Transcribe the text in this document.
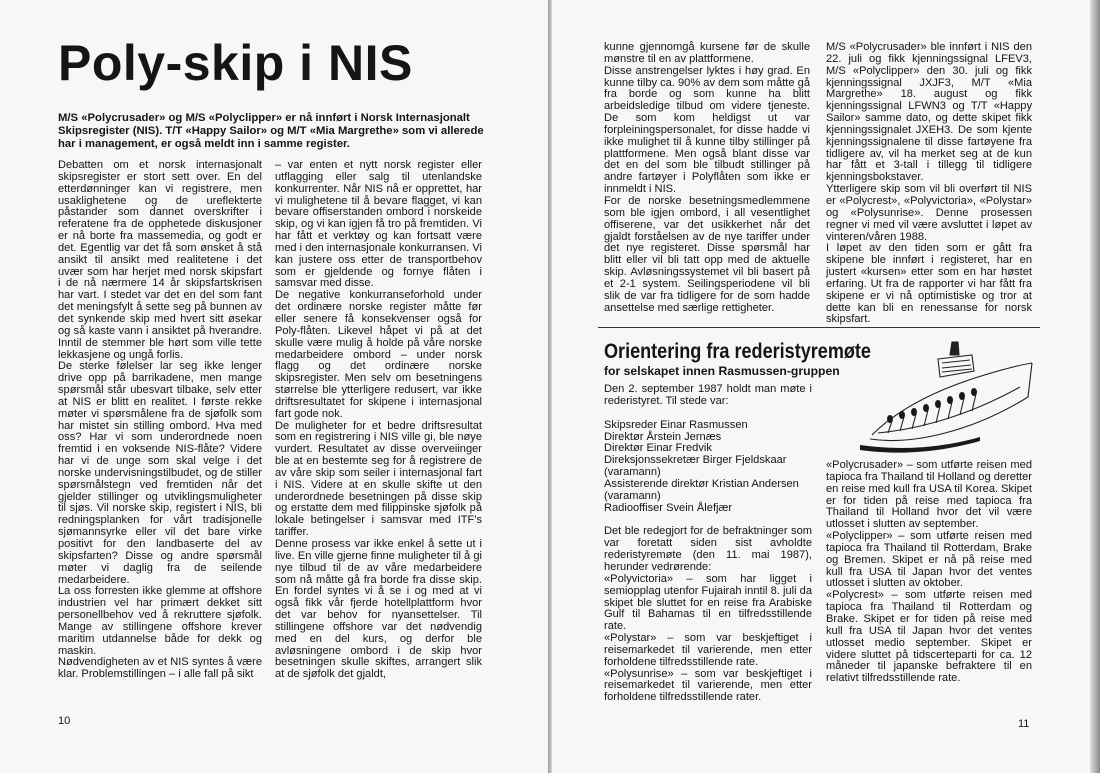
Poly-skip i NIS
M/S «Polycrusader» og M/S «Polyclipper» er nå innført i Norsk Internasjonalt Skipsregister (NIS). T/T «Happy Sailor» og M/T «Mia Margrethe» som vi allerede har i management, er også meldt inn i samme register.

Debatten om et norsk internasjonalt skipsregister er stort sett over. En del etterdønninger kan vi registrere, men usaklighetene og de ureflekterte påstander som dannet overskrifter i referatene fra de opphetede diskusjoner er nå borte fra massemedia, og godt er det. Egentlig var det få som ønsket å stå ansikt til ansikt med realitetene i det uvær som har herjet med norsk skipsfart i de nå nærmere 14 år skipsfartskrisen har vart. I stedet var det en del som fant det meningsfylt å sette seg på bunnen av det synkende skip med hvert sitt øsekar og så kaste vann i ansiktet på hverandre. Inntil de stemmer ble hørt som ville tette lekkasjene og ungå forlis.

De sterke følelser lar seg ikke lenger drive opp på barrikadene, men mange spørsmål står ubesvart tilbake, selv etter at NIS er blitt en realitet. I første rekke møter vi spørsmålene fra de sjøfolk som har mistet sin stilling ombord. Hva med oss? Har vi som underordnede noen fremtid i en voksende NIS-flåte? Videre har vi de unge som skal velge i det norske undervisningstilbudet, og de stiller spørsmålstegn ved fremtiden når det gjelder stillinger og utviklingsmuligheter til sjøs. Vil norske skip, registert i NIS, bli redningsplanken for vårt tradisjonelle sjømannsyrke eller vil det bare virke positivt for den landbaserte del av skipsfarten? Disse og andre spørsmål møter vi daglig fra de seilende medarbeidere.

La oss forresten ikke glemme at offshore industrien vel har primært dekket sitt personellbehov ved å rekruttere sjøfolk. Mange av stillingene offshore krever maritim utdannelse både for dekk og maskin.

Nødvendigheten av et NIS syntes å være klar. Problemstillingen – i alle fall på sikt

– var enten et nytt norsk register eller utflagging eller salg til utenlandske konkurrenter. Når NIS nå er opprettet, har vi mulighetene til å bevare flagget, vi kan bevare offiserstanden ombord i norskeide skip, og vi kan igjen få tro på fremtiden. Vi har fått et verktøy og kan fortsatt være med i den internasjonale konkurransen. Vi kan justere oss etter de transportbehov som er gjeldende og fornye flåten i samsvar med disse.

De negative konkurranseforhold under det ordinære norske register måtte før eller senere få konsekvenser også for Poly-flåten. Likevel håpet vi på at det skulle være mulig å holde på våre norske medarbeidere ombord – under norsk flagg og det ordinære norske skipsregister. Men selv om besetningens størrelse ble ytterligere redusert, var ikke driftsresultatet for skipene i internasjonal fart gode nok.

De muligheter for et bedre driftsresultat som en registrering i NIS ville gi, ble nøye vurdert. Resultatet av disse overveiinger ble at en bestemte seg for å registrere de av våre skip som seiler i internasjonal fart i NIS. Videre at en skulle skifte ut den underordnede besetningen på disse skip og erstatte dem med filippinske sjøfolk på lokale betingelser i samsvar med ITF's tariffer.

Denne prosess var ikke enkel å sette ut i live. En ville gjerne finne muligheter til å gi nye tilbud til de av våre medarbeidere som nå måtte gå fra borde fra disse skip. En fordel syntes vi å se i og med at vi også fikk vår fjerde hotellplattform hvor det var behov for nyansettelser. Til stillingene offshore var det nødvendig med en del kurs, og derfor ble avløsningene ombord i de skip hvor besetningen skulle skiftes, arrangert slik at de sjøfolk det gjaldt,

10

kunne gjennomgå kursene før de skulle mønstre til en av plattformene.

Disse anstrengelser lyktes i høy grad. En kunne tilby ca. 90% av dem som måtte gå fra borde og som kunne ha blitt arbeidsledige tilbud om videre tjeneste. De som kom heldigst ut var forpleiningspersonalet, for disse hadde vi ikke mulighet til å kunne tilby stillinger på plattformene. Men også blant disse var det en del som ble tilbudt stillinger på andre fartøyer i Polyflåten som ikke er innmeldt i NIS.

For de norske besetningsmedlemmene som ble igjen ombord, i all vesentlighet offiserene, var det usikkerhet når det gjaldt forståelsen av de nye tariffer under det nye registeret. Disse spørsmål har blitt eller vil bli tatt opp med de aktuelle skip. Avløsningssystemet vil bli basert på et 2-1 system. Seilingsperiodene vil bli slik de var fra tidligere for de som hadde ansettelse med særlige rettigheter.

M/S «Polycrusader» ble innført i NIS den 22. juli og fikk kjenningssignal LFEV3, M/S «Polyclipper» den 30. juli og fikk kjenningssignal JXJF3, M/T «Mia Margrethe» 18. august og fikk kjenningssignal LFWN3 og T/T «Happy Sailor» samme dato, og dette skipet fikk kjenningssignalet JXEH3. De som kjente kjenningssignalene til disse fartøyene fra tidligere av, vil ha merket seg at de kun har fått et 3-tall i tillegg til tidligere kjenningsbokstaver.

Ytterligere skip som vil bli overført til NIS er «Polycrest», «Polyvictoria», «Polystar» og «Polysunrise». Denne prosessen regner vi med vil være avsluttet i løpet av vinteren/våren 1988.

I løpet av den tiden som er gått fra skipene ble innført i registeret, har en justert «kursen» etter som en har høstet erfaring. Ut fra de rapporter vi har fått fra skipene er vi nå optimistiske og tror at dette kan bli en renessanse for norsk skipsfart.

Orientering fra rederistyremøte
for selskapet innen Rasmussen-gruppen

Den 2. september 1987 holdt man møte i rederistyret. Til stede var:

Skipsreder Einar Rasmussen

Direktør Årstein Jernæs

Direktør Einar Fredvik

Direksjonssekretær Birger Fjeldskaar (varamann)

Assisterende direktør Kristian Andersen (varamann)

Radiooffiser Svein Ålefjær

Det ble redegjort for de befraktninger som var foretatt siden sist avholdte rederistyremøte (den 11. mai 1987), herunder vedrørende:

«Polyvictoria» – som har ligget i semiopplag utenfor Fujairah inntil 8. juli da skipet ble sluttet for en reise fra Arabiske Gulf til Bahamas til en tilfredsstillende rate.

«Polystar» – som var beskjeftiget i reisemarkedet til varierende, men etter forholdene tilfredsstillende rate.

«Polysunrise» – som var beskjeftiget i reisemarkedet til varierende, men etter forholdene tilfredsstillende rater.

«Polycrusader» – som utførte reisen med tapioca fra Thailand til Holland og deretter en reise med kull fra USA til Korea. Skipet er for tiden på reise med tapioca fra Thailand til Holland hvor det vil være utlosset i slutten av september.

«Polyclipper» – som utførte reisen med tapioca fra Thailand til Rotterdam, Brake og Bremen. Skipet er nå på reise med kull fra USA til Japan hvor det ventes utlosset i slutten av oktober.

«Polycrest» – som utførte reisen med tapioca fra Thailand til Rotterdam og Brake. Skipet er for tiden på reise med kull fra USA til Japan hvor det ventes utlosset medio september. Skipet er videre sluttet på tidscerteparti for ca. 12 måneder til japanske befraktere til en relativt tilfredsstillende rate.

11
